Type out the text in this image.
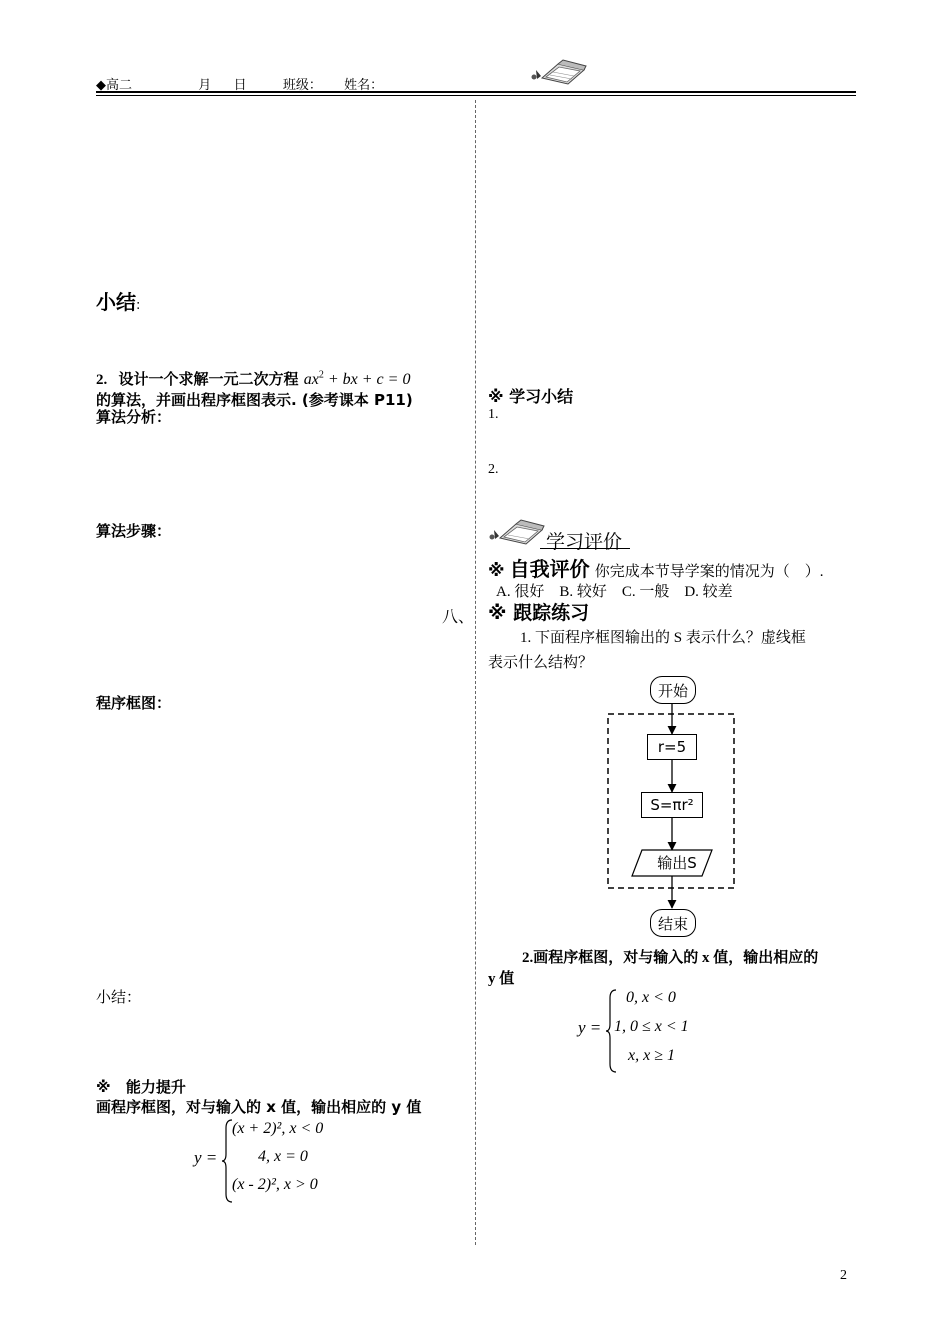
◆高二	月 日	班级： 姓名：
小结:
2. 设计一个求解一元二次方程 $ax^2$ + bx + c = 0
的算法，并画出程序框图表示. (参考课本 P11)
算法分析：
算法步骤：
八、
程序框图：
小结：
※ 能力提升
画程序框图，对与输入的 x 值，输出相应的 y 值
y =
(x + 2)², x < 0
4, x = 0
(x - 2)², x > 0
※ 学习小结
1.
2.
学习评价
※ 自我评价 你完成本节导学案的情况为（　）.
A. 很好　B. 较好　C. 一般　D. 较差
※ 跟踪练习
1. 下面程序框图输出的 S 表示什么？虚线框
表示什么结构？
开始
r=5
S=πr²
输出S
结束
2.画程序框图，对与输入的 x 值，输出相应的
y 值
y =
0, x < 0
1, 0 ≤ x < 1
x, x ≥ 1
2
